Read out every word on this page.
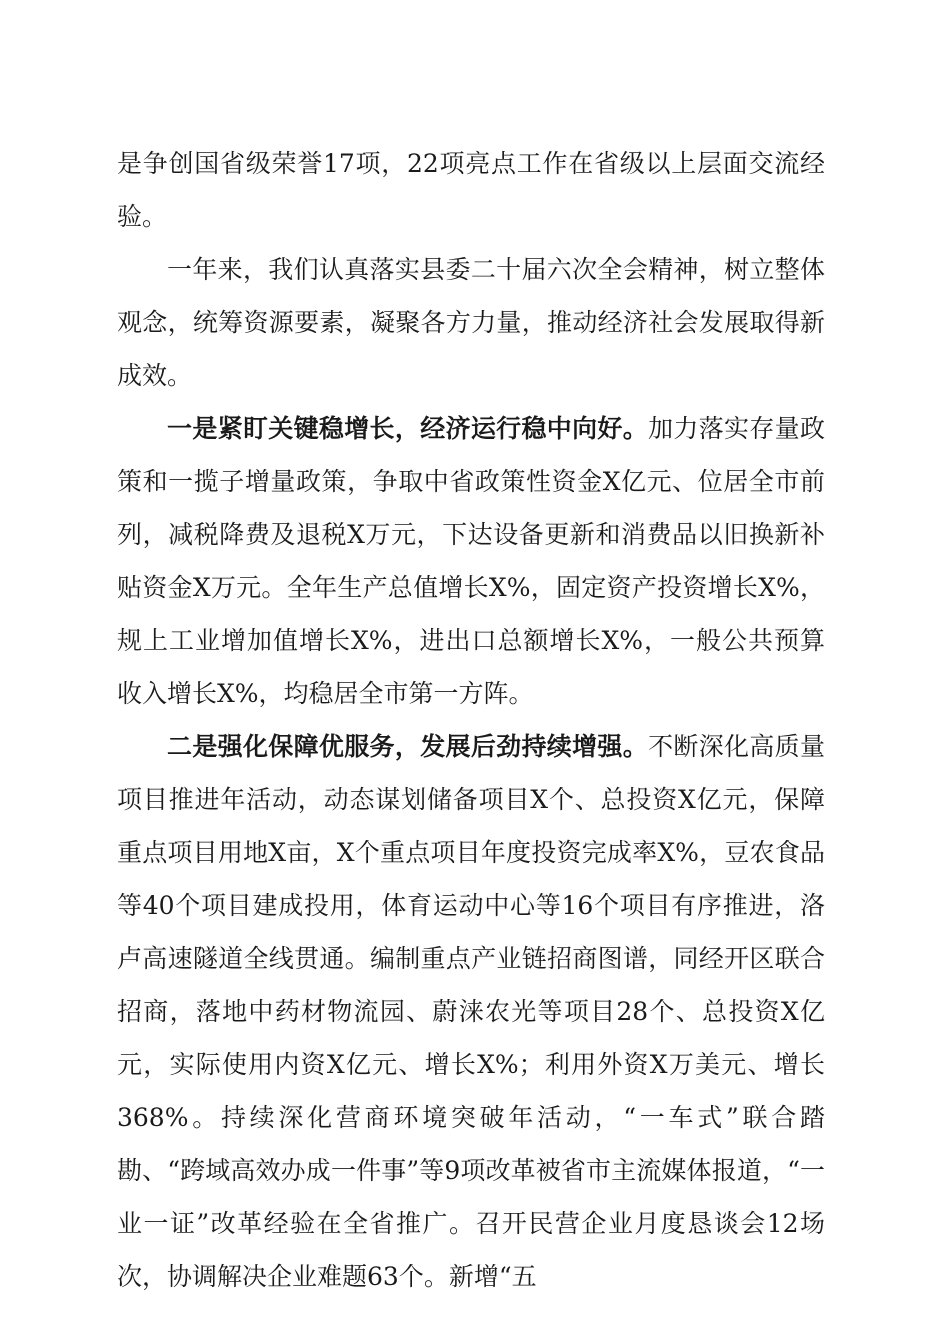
是争创国省级荣誉17项，22项亮点工作在省级以上层面交流经验。

一年来，我们认真落实县委二十届六次全会精神，树立整体观念，统筹资源要素，凝聚各方力量，推动经济社会发展取得新成效。

一是紧盯关键稳增长，经济运行稳中向好。加力落实存量政策和一揽子增量政策，争取中省政策性资金X亿元、位居全市前列，减税降费及退税X万元，下达设备更新和消费品以旧换新补贴资金X万元。全年生产总值增长X%，固定资产投资增长X%，规上工业增加值增长X%，进出口总额增长X%，一般公共预算收入增长X%，均稳居全市第一方阵。

二是强化保障优服务，发展后劲持续增强。不断深化高质量项目推进年活动，动态谋划储备项目X个、总投资X亿元，保障重点项目用地X亩，X个重点项目年度投资完成率X%，豆农食品等40个项目建成投用，体育运动中心等16个项目有序推进，洛卢高速隧道全线贯通。编制重点产业链招商图谱，同经开区联合招商，落地中药材物流园、蔚涞农光等项目28个、总投资X亿元，实际使用内资X亿元、增长X%；利用外资X万美元、增长368%。持续深化营商环境突破年活动，“一车式”联合踏勘、“跨域高效办成一件事”等9项改革被省市主流媒体报道，“一业一证”改革经验在全省推广。召开民营企业月度恳谈会12场次，协调解决企业难题63个。新增“五
